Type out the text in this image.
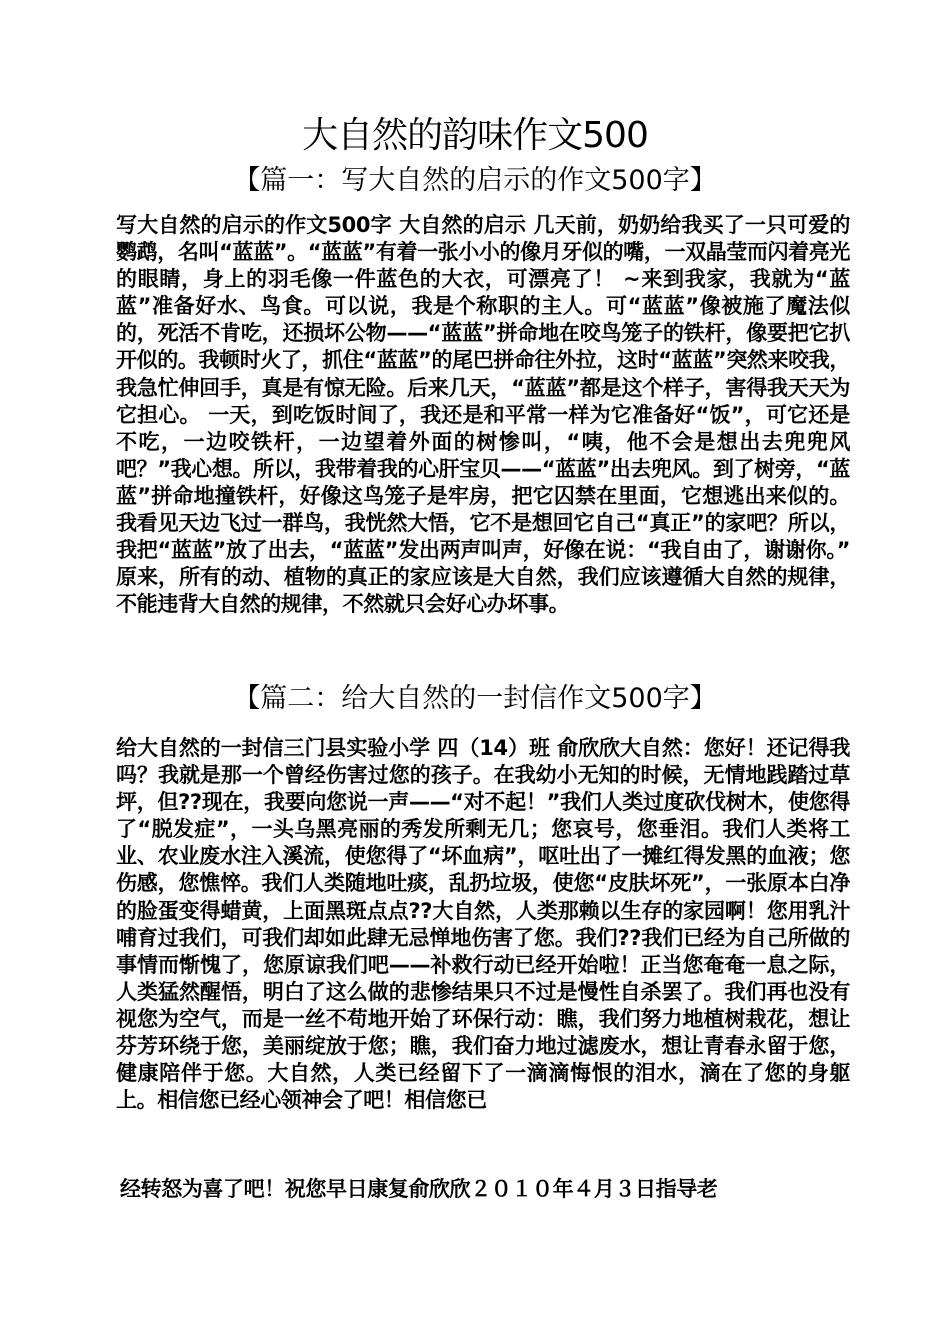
大自然的韵味作文500
【篇一：写大自然的启示的作文500字】
写大自然的启示的作文500字 大自然的启示 几天前，奶奶给我买了一只可爱的鹦鹉，名叫“蓝蓝”。“蓝蓝”有着一张小小的像月牙似的嘴，一双晶莹而闪着亮光的眼睛，身上的羽毛像一件蓝色的大衣，可漂亮了！ ~来到我家，我就为“蓝蓝”准备好水、鸟食。可以说，我是个称职的主人。可“蓝蓝”像被施了魔法似的，死活不肯吃，还损坏公物——“蓝蓝”拼命地在咬鸟笼子的铁杆，像要把它扒开似的。我顿时火了，抓住“蓝蓝”的尾巴拼命往外拉，这时“蓝蓝”突然来咬我，我急忙伸回手，真是有惊无险。后来几天，“蓝蓝”都是这个样子，害得我天天为它担心。 一天，到吃饭时间了，我还是和平常一样为它准备好“饭”，可它还是不吃，一边咬铁杆，一边望着外面的树惨叫，“咦，他不会是想出去兜兜风吧？”我心想。所以，我带着我的心肝宝贝——“蓝蓝”出去兜风。到了树旁，“蓝蓝”拼命地撞铁杆，好像这鸟笼子是牢房，把它囚禁在里面，它想逃出来似的。我看见天边飞过一群鸟，我恍然大悟，它不是想回它自己“真正”的家吧？所以，我把“蓝蓝”放了出去，“蓝蓝”发出两声叫声，好像在说：“我自由了，谢谢你。” 原来，所有的动、植物的真正的家应该是大自然，我们应该遵循大自然的规律，不能违背大自然的规律，不然就只会好心办坏事。
【篇二：给大自然的一封信作文500字】
给大自然的一封信三门县实验小学 四（14）班 俞欣欣大自然：您好！还记得我吗？我就是那一个曾经伤害过您的孩子。在我幼小无知的时候，无情地践踏过草坪，但??现在，我要向您说一声——“对不起！”我们人类过度砍伐树木，使您得了“脱发症”，一头乌黑亮丽的秀发所剩无几；您哀号，您垂泪。我们人类将工业、农业废水注入溪流，使您得了“坏血病”，呕吐出了一摊红得发黑的血液；您伤感，您憔悴。我们人类随地吐痰，乱扔垃圾，使您“皮肤坏死”，一张原本白净的脸蛋变得蜡黄，上面黑斑点点??大自然，人类那赖以生存的家园啊！您用乳汁哺育过我们，可我们却如此肆无忌惮地伤害了您。我们??我们已经为自己所做的事情而惭愧了，您原谅我们吧——补救行动已经开始啦！正当您奄奄一息之际，人类猛然醒悟，明白了这么做的悲惨结果只不过是慢性自杀罢了。我们再也没有视您为空气，而是一丝不苟地开始了环保行动：瞧，我们努力地植树栽花，想让芬芳环绕于您，美丽绽放于您；瞧，我们奋力地过滤废水，想让青春永留于您，健康陪伴于您。大自然，人类已经留下了一滴滴悔恨的泪水，滴在了您的身躯上。相信您已经心领神会了吧！相信您已
经转怒为喜了吧！祝您早日康复俞欣欣２０１０年４月３日指导老
